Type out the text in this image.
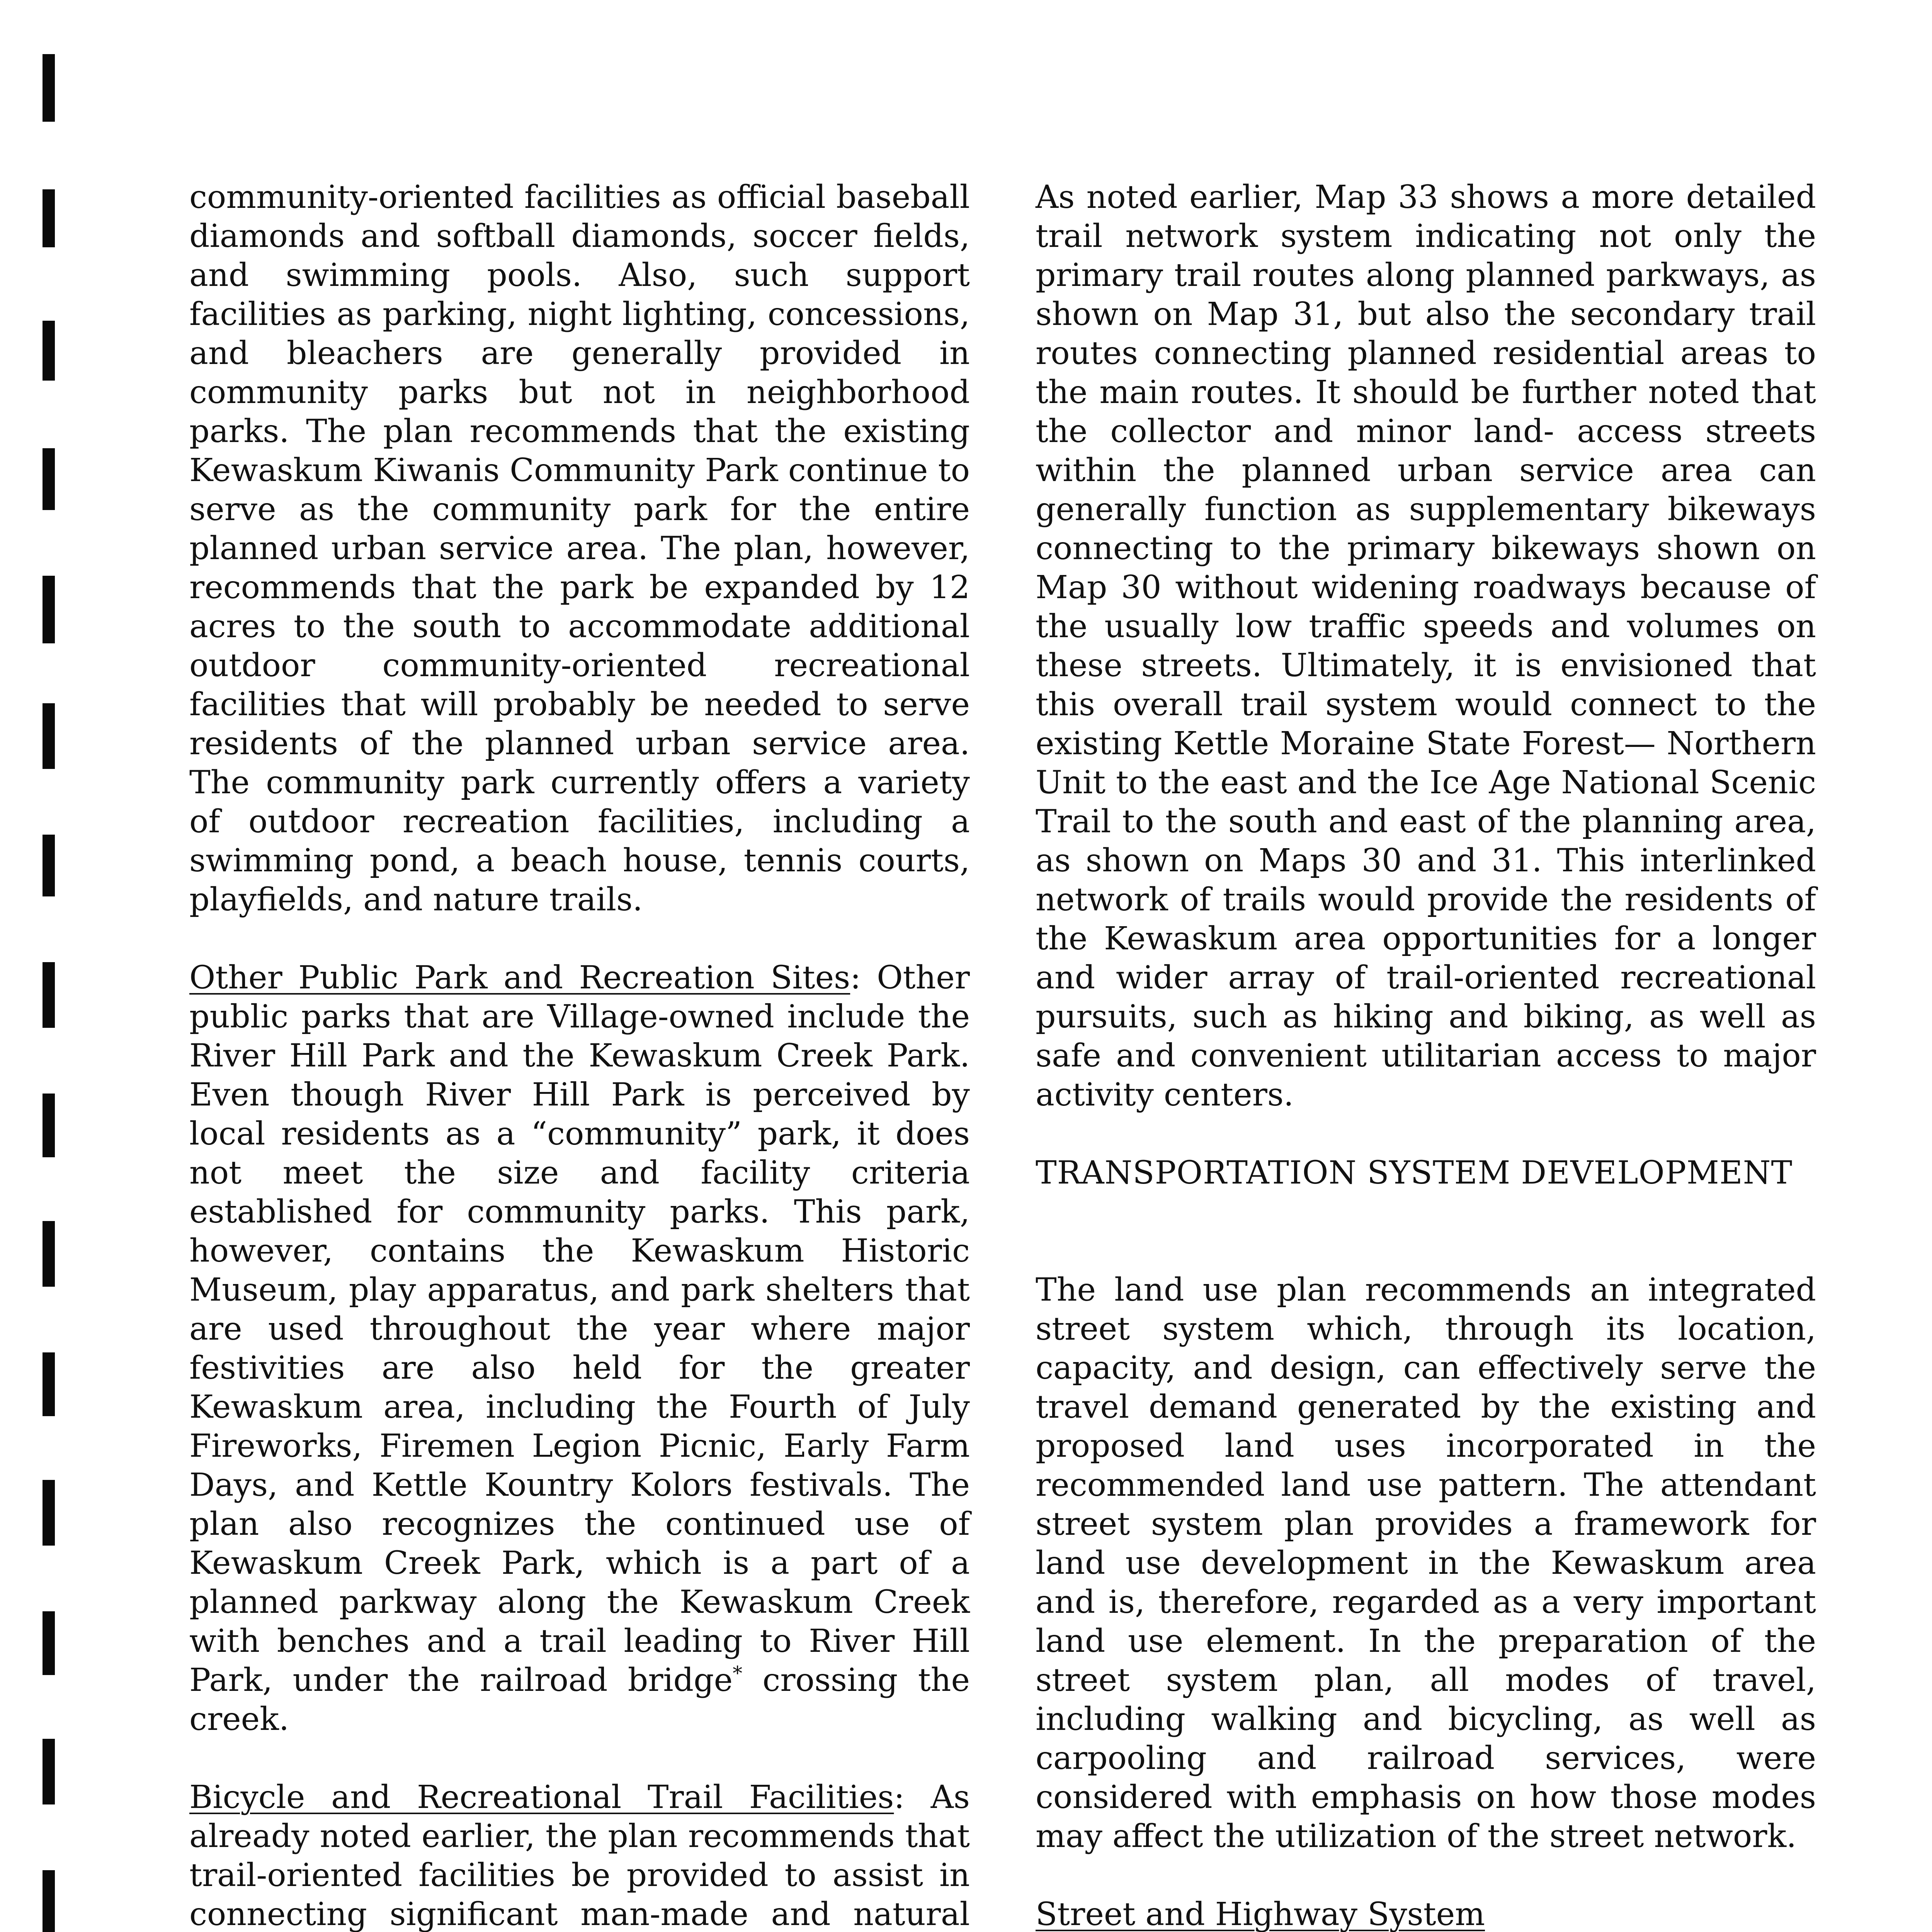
community-oriented facilities as official baseball diamonds and softball diamonds, soccer fields, and swimming pools. Also, such support facilities as parking, night lighting, concessions, and bleachers are generally provided in community parks but not in neighborhood parks. The plan recommends that the existing Kewaskum Kiwanis Community Park continue to serve as the community park for the entire planned urban service area. The plan, however, recommends that the park be expanded by 12 acres to the south to accommodate additional outdoor community-oriented recreational facilities that will probably be needed to serve residents of the planned urban service area. The community park currently offers a variety of outdoor recreation facilities, including a swimming pond, a beach house, tennis courts, playfields, and nature trails.

Other Public Park and Recreation Sites: Other public parks that are Village-owned include the River Hill Park and the Kewaskum Creek Park. Even though River Hill Park is perceived by local residents as a “community” park, it does not meet the size and facility criteria established for community parks. This park, however, contains the Kewaskum Historic Museum, play apparatus, and park shelters that are used throughout the year where major festivities are also held for the greater Kewaskum area, including the Fourth of July Fireworks, Firemen Legion Picnic, Early Farm Days, and Kettle Kountry Kolors festivals. The plan also recognizes the continued use of Kewaskum Creek Park, which is a part of a planned parkway along the Kewaskum Creek with benches and a trail leading to River Hill Park, under the railroad bridge* crossing the creek.

Bicycle and Recreational Trail Facilities: As already noted earlier, the plan recommends that trail-oriented facilities be provided to assist in connecting significant man-made and natural

As noted earlier, Map 33 shows a more detailed trail network system indicating not only the primary trail routes along planned parkways, as shown on Map 31, but also the secondary trail routes connecting planned residential areas to the main routes. It should be further noted that the collector and minor land- access streets within the planned urban service area can generally function as supplementary bikeways connecting to the primary bikeways shown on Map 30 without widening roadways because of the usually low traffic speeds and volumes on these streets. Ultimately, it is envisioned that this overall trail system would connect to the existing Kettle Moraine State Forest— Northern Unit to the east and the Ice Age National Scenic Trail to the south and east of the planning area, as shown on Maps 30 and 31. This interlinked network of trails would provide the residents of the Kewaskum area opportunities for a longer and wider array of trail-oriented recreational pursuits, such as hiking and biking, as well as safe and convenient utilitarian access to major activity centers.

TRANSPORTATION SYSTEM DEVELOPMENT

The land use plan recommends an integrated street system which, through its location, capacity, and design, can effectively serve the travel demand generated by the existing and proposed land uses incorporated in the recommended land use pattern. The attendant street system plan provides a framework for land use development in the Kewaskum area and is, therefore, regarded as a very important land use element. In the preparation of the street system plan, all modes of travel, including walking and bicycling, as well as carpooling and railroad services, were considered with emphasis on how those modes may affect the utilization of the street network.

Street and Highway System
